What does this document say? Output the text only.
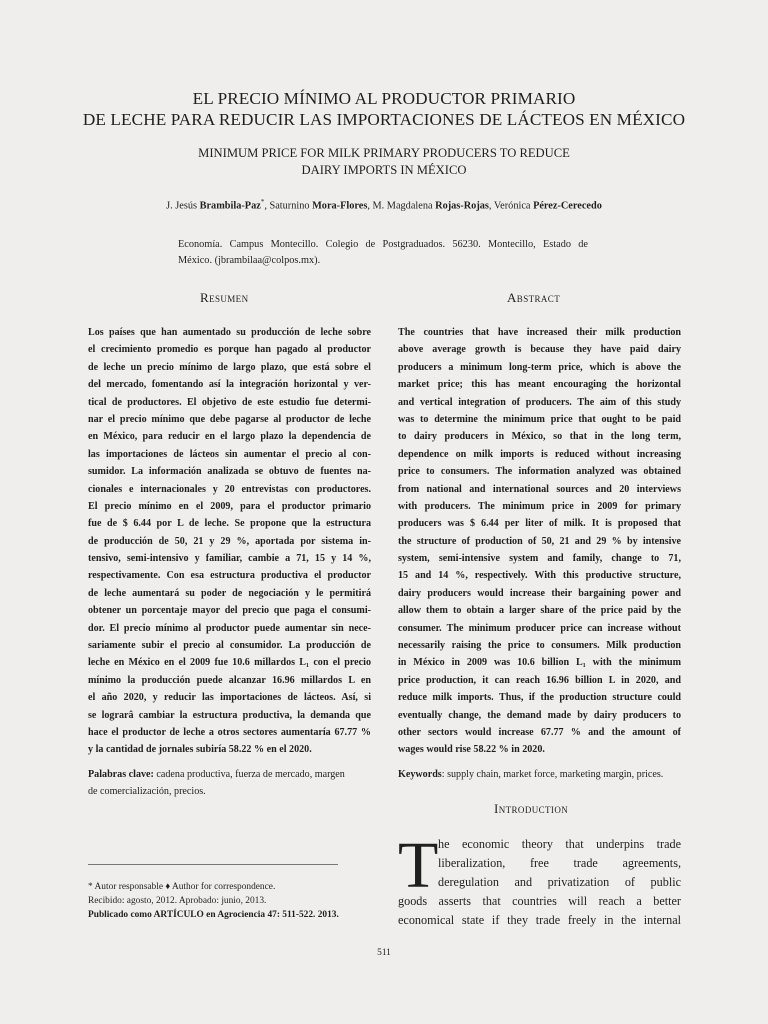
EL PRECIO MÍNIMO AL PRODUCTOR PRIMARIO
DE LECHE PARA REDUCIR LAS IMPORTACIONES DE LÁCTEOS EN MÉXICO
MINIMUM PRICE FOR MILK PRIMARY PRODUCERS TO REDUCE
DAIRY IMPORTS IN MÉXICO
J. Jesús Brambila-Paz*, Saturnino Mora-Flores, M. Magdalena Rojas-Rojas, Verónica Pérez-Cerecedo
Economía. Campus Montecillo. Colegio de Postgraduados. 56230. Montecillo, Estado de
México. (jbrambilaa@colpos.mx).
Resumen	Abstract
Los países que han aumentado su producción de leche sobre
el crecimiento promedio es porque han pagado al productor
de leche un precio mínimo de largo plazo, que está sobre el
del mercado, fomentando así la integración horizontal y ver-
tical de productores. El objetivo de este estudio fue determi-
nar el precio mínimo que debe pagarse al productor de leche
en México, para reducir en el largo plazo la dependencia de
las importaciones de lácteos sin aumentar el precio al con-
sumidor. La información analizada se obtuvo de fuentes na-
cionales e internacionales y 20 entrevistas con productores.
El precio mínimo en el 2009, para el productor primario
fue de $ 6.44 por L de leche. Se propone que la estructura
de producción de 50, 21 y 29 %, aportada por sistema in-
tensivo, semi-intensivo y familiar, cambie a 71, 15 y 14 %,
respectivamente. Con esa estructura productiva el productor
de leche aumentará su poder de negociación y le permitirá
obtener un porcentaje mayor del precio que paga el consumi-
dor. El precio mínimo al productor puede aumentar sin nece-
sariamente subir el precio al consumidor. La producción de
leche en México en el 2009 fue 10.6 millardos L₁ con el precio
mínimo la producción puede alcanzar 16.96 millardos L en
el año 2020, y reducir las importaciones de lácteos. Así, si
se lograrâ cambiar la estructura productiva, la demanda que
hace el productor de leche a otros sectores aumentaría 67.77 %
y la cantidad de jornales subiría 58.22 % en el 2020.
The countries that have increased their milk production
above average growth is because they have paid dairy
producers a minimum long-term price, which is above the
market price; this has meant encouraging the horizontal
and vertical integration of producers. The aim of this study
was to determine the minimum price that ought to be paid
to dairy producers in México, so that in the long term,
dependence on milk imports is reduced without increasing
price to consumers. The information analyzed was obtained
from national and international sources and 20 interviews
with producers. The minimum price in 2009 for primary
producers was $ 6.44 per liter of milk. It is proposed that
the structure of production of 50, 21 and 29 % by intensive
system, semi-intensive system and family, change to 71,
15 and 14 %, respectively. With this productive structure,
dairy producers would increase their bargaining power and
allow them to obtain a larger share of the price paid by the
consumer. The minimum producer price can increase without
necessarily raising the price to consumers. Milk production
in México in 2009 was 10.6 billion L₁ with the minimum
price production, it can reach 16.96 billion L in 2020, and
reduce milk imports. Thus, if the production structure could
eventually change, the demand made by dairy producers to
other sectors would increase 67.77 % and the amount of
wages would rise 58.22 % in 2020.
Palabras clave: cadena productiva, fuerza de mercado, margen
de comercialización, precios.
Keywords: supply chain, market force, marketing margin, prices.
Introduction
T he economic theory that underpins trade
liberalization, free trade agreements,
deregulation and privatization of public
goods asserts that countries will reach a better
economical state if they trade freely in the internal
* Autor responsable ♦ Author for correspondence.
Recibido: agosto, 2012. Aprobado: junio, 2013.
Publicado como ARTÍCULO en Agrociencia 47: 511-522. 2013.
511
